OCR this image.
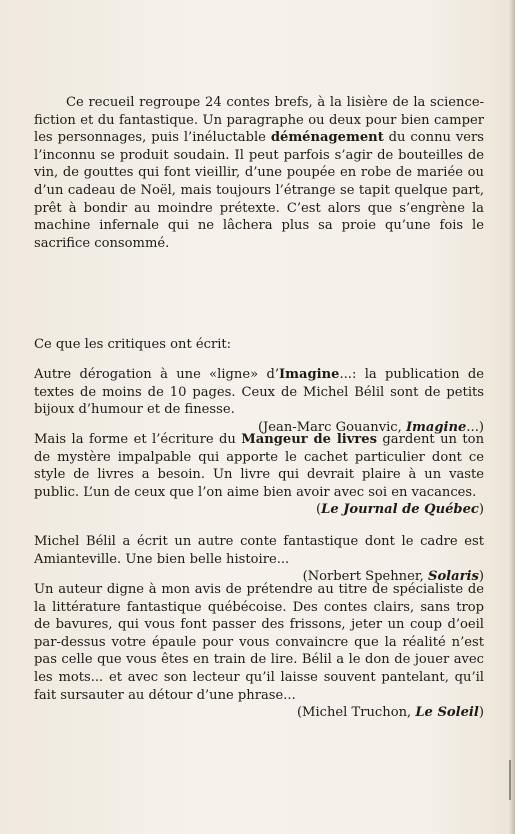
Ce recueil regroupe 24 contes brefs, à la lisière de la science-fiction et du fantastique. Un paragraphe ou deux pour bien camper les personnages, puis l’inéluctable déménagement du connu vers l’inconnu se produit soudain. Il peut parfois s’agir de bouteilles de vin, de gouttes qui font vieillir, d’une poupée en robe de mariée ou d’un cadeau de Noël, mais toujours l’étrange se tapit quelque part, prêt à bondir au moindre prétexte. C’est alors que s’engrène la machine infernale qui ne lâchera plus sa proie qu’une fois le sacrifice consommé.
Ce que les critiques ont écrit:
Autre dérogation à une «ligne» d’Imagine...: la publication de textes de moins de 10 pages. Ceux de Michel Bélil sont de petits bijoux d’humour et de finesse.
(Jean-Marc Gouanvic, Imagine...)
Mais la forme et l’écriture du Mangeur de livres gardent un ton de mystère impalpable qui apporte le cachet particulier dont ce style de livres a besoin. Un livre qui devrait plaire à un vaste public. L’un de ceux que l’on aime bien avoir avec soi en vacances.
(Le Journal de Québec)
Michel Bélil a écrit un autre conte fantastique dont le cadre est Amianteville. Une bien belle histoire...
(Norbert Spehner, Solaris)
Un auteur digne à mon avis de prétendre au titre de spécialiste de la littérature fantastique québécoise. Des contes clairs, sans trop de bavures, qui vous font passer des frissons, jeter un coup d’oeil par-dessus votre épaule pour vous convaincre que la réalité n’est pas celle que vous êtes en train de lire. Bélil a le don de jouer avec les mots... et avec son lecteur qu’il laisse souvent pantelant, qu’il fait sursauter au détour d’une phrase...
(Michel Truchon, Le Soleil)
